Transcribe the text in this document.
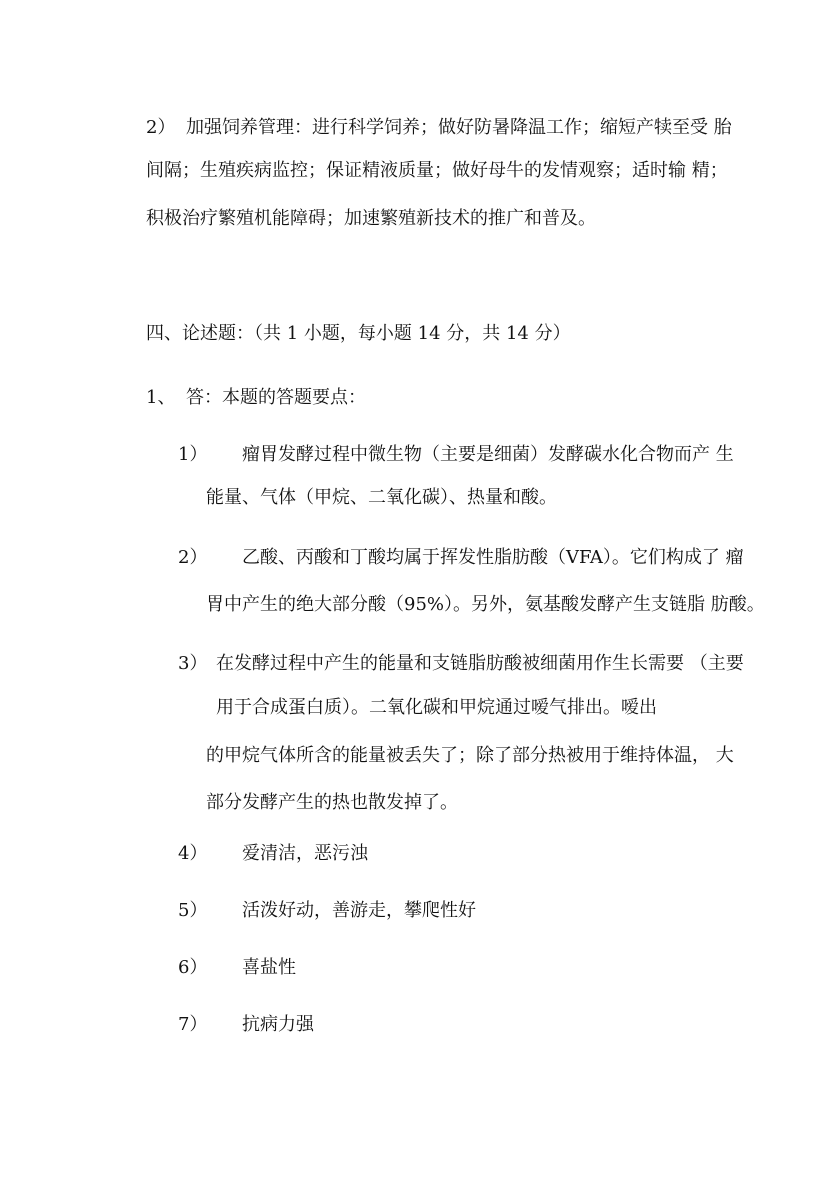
2） 加强饲养管理：进行科学饲养；做好防暑降温工作；缩短产犊至受 胎
间隔；生殖疾病监控；保证精液质量；做好母牛的发情观察；适时输 精；
积极治疗繁殖机能障碍；加速繁殖新技术的推广和普及。
四、论述题：（共 1 小题，每小题 14 分，共 14 分）
1、 答：本题的答题要点：
1） 瘤胃发酵过程中微生物（主要是细菌）发酵碳水化合物而产 生
能量、气体（甲烷、二氧化碳）、热量和酸。
2） 乙酸、丙酸和丁酸均属于挥发性脂肪酸（VFA）。它们构成了 瘤
胃中产生的绝大部分酸（95%）。另外，氨基酸发酵产生支链脂 肪酸。
3） 在发酵过程中产生的能量和支链脂肪酸被细菌用作生长需要 （主要
用于合成蛋白质）。二氧化碳和甲烷通过嗳气排出。嗳出
的甲烷气体所含的能量被丢失了；除了部分热被用于维持体温， 大
部分发酵产生的热也散发掉了。
4） 爱清洁，恶污浊
5） 活泼好动，善游走，攀爬性好
6） 喜盐性
7） 抗病力强
